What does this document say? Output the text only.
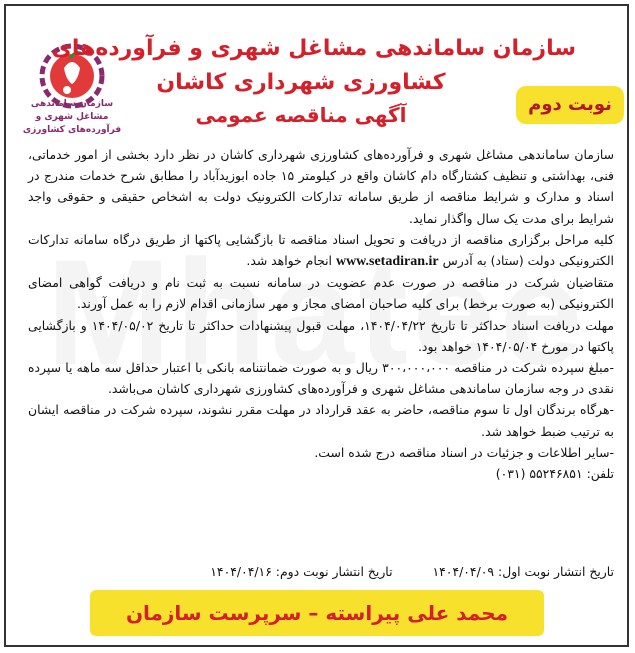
سازمان ساماندهی مشاغل شهری و فرآورده‌های کشاورزی
سازمان ساماندهی مشاغل شهری و فرآورده‌های
کشاورزی شهرداری کاشان
آگهی مناقصه عمومی	نوبت دوم

سازمان ساماندهی مشاغل شهری و فرآورده‌های کشاورزی شهرداری کاشان در نظر دارد بخشی از امور خدماتی، فنی، بهداشتی و تنظیف کشتارگاه دام کاشان واقع در کیلومتر ۱۵ جاده ابوزیدآباد را مطابق شرح خدمات مندرج در اسناد و مدارک و شرایط مناقصه از طریق سامانه تدارکات الکترونیک دولت به اشخاص حقیقی و حقوقی واجد شرایط برای مدت یک سال واگذار نماید.

کلیه مراحل برگزاری مناقصه از دریافت و تحویل اسناد مناقصه تا بازگشایی پاکتها از طریق درگاه سامانه تدارکات الکترونیکی دولت (ستاد) به آدرس www.setadiran.ir انجام خواهد شد.

متقاضیان شرکت در مناقصه در صورت عدم عضویت در سامانه نسبت به ثبت نام و دریافت گواهی امضای الکترونیکی (به صورت برخط) برای کلیه صاحبان امضای مجاز و مهر سازمانی اقدام لازم را به عمل آورند.

مهلت دریافت اسناد حداکثر تا تاریخ ۱۴۰۴/۰۴/۲۲، مهلت قبول پیشنهادات حداکثر تا تاریخ ۱۴۰۴/۰۵/۰۲ و بازگشایی پاکتها در مورخ ۱۴۰۴/۰۵/۰۴ خواهد بود.

-مبلغ سپرده شرکت در مناقصه ۳۰۰،۰۰۰،۰۰۰ ریال و به صورت ضمانتنامه بانکی با اعتبار حداقل سه ماهه یا سپرده نقدی در وجه سازمان ساماندهی مشاغل شهری و فرآورده‌های کشاورزی شهرداری کاشان می‌باشد.

-هرگاه برندگان اول تا سوم مناقصه، حاضر به عقد قرارداد در مهلت مقرر نشوند، سپرده شرکت در مناقصه ایشان به ترتیب ضبط خواهد شد.

-سایر اطلاعات و جزئیات در اسناد مناقصه درج شده است.

تلفن: ۵۵۲۴۶۸۵۱ (۰۳۱)

تاریخ انتشار نوبت اول: ۱۴۰۴/۰۴/۰۹ تاریخ انتشار نوبت دوم: ۱۴۰۴/۰۴/۱۶
محمد علی پیراسته – سرپرست سازمان
